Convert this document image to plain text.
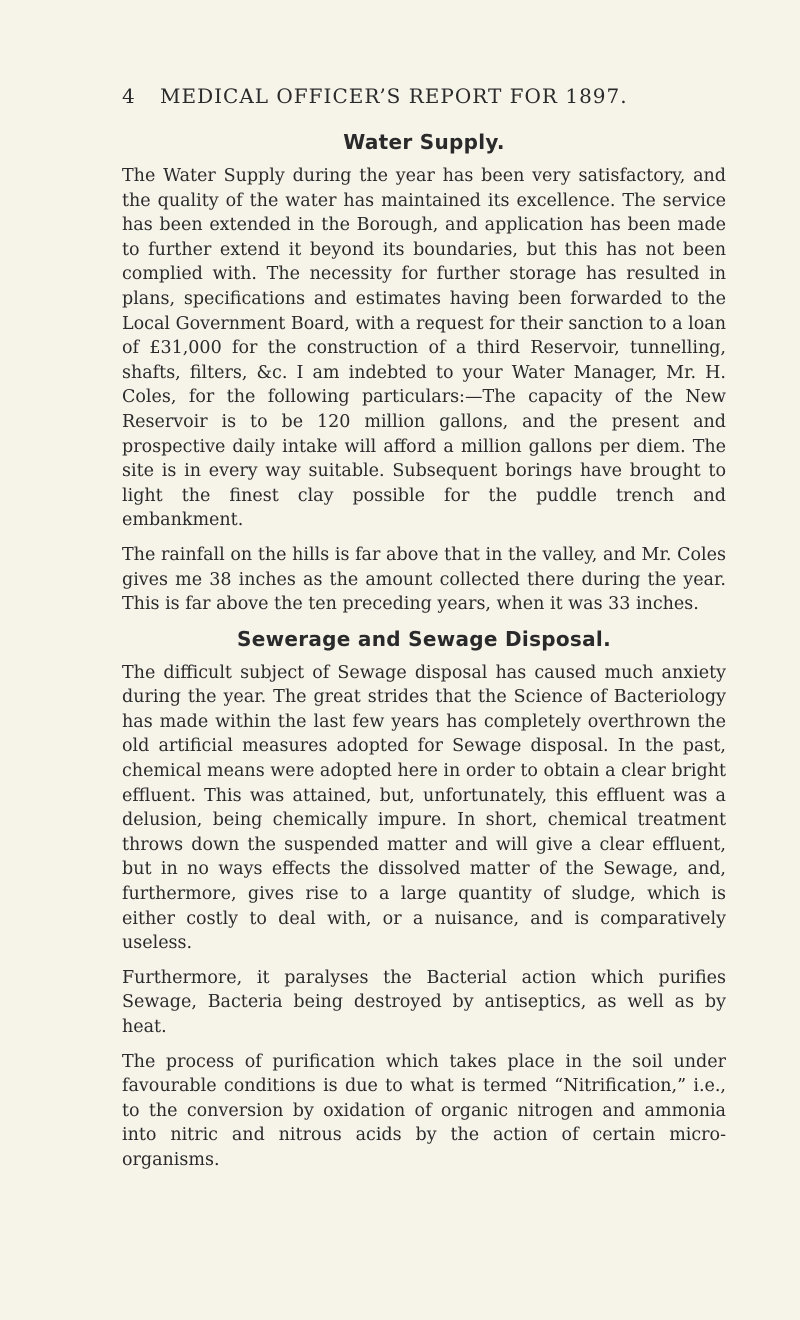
4 MEDICAL OFFICER’S REPORT FOR 1897.
Water Supply.

The Water Supply during the year has been very satisfactory, and the quality of the water has maintained its excellence. The service has been extended in the Borough, and application has been made to further extend it beyond its boundaries, but this has not been complied with. The necessity for further storage has resulted in plans, specifications and estimates having been forwarded to the Local Government Board, with a request for their sanction to a loan of £31,000 for the construction of a third Reservoir, tunnelling, shafts, filters, &c. I am indebted to your Water Manager, Mr. H. Coles, for the following particulars:—The capacity of the New Reservoir is to be 120 million gallons, and the present and prospective daily intake will afford a million gallons per diem. The site is in every way suitable. Subsequent borings have brought to light the finest clay possible for the puddle trench and embankment.

The rainfall on the hills is far above that in the valley, and Mr. Coles gives me 38 inches as the amount collected there during the year. This is far above the ten preceding years, when it was 33 inches.

Sewerage and Sewage Disposal.

The difficult subject of Sewage disposal has caused much anxiety during the year. The great strides that the Science of Bacteriology has made within the last few years has completely overthrown the old artificial measures adopted for Sewage disposal. In the past, chemical means were adopted here in order to obtain a clear bright effluent. This was attained, but, unfortunately, this effluent was a delusion, being chemically impure. In short, chemical treatment throws down the suspended matter and will give a clear effluent, but in no ways effects the dissolved matter of the Sewage, and, furthermore, gives rise to a large quantity of sludge, which is either costly to deal with, or a nuisance, and is comparatively useless.

Furthermore, it paralyses the Bacterial action which purifies Sewage, Bacteria being destroyed by antiseptics, as well as by heat.

The process of purification which takes place in the soil under favourable conditions is due to what is termed “Nitrification,” i.e., to the conversion by oxidation of organic nitrogen and ammonia into nitric and nitrous acids by the action of certain micro-organisms.
